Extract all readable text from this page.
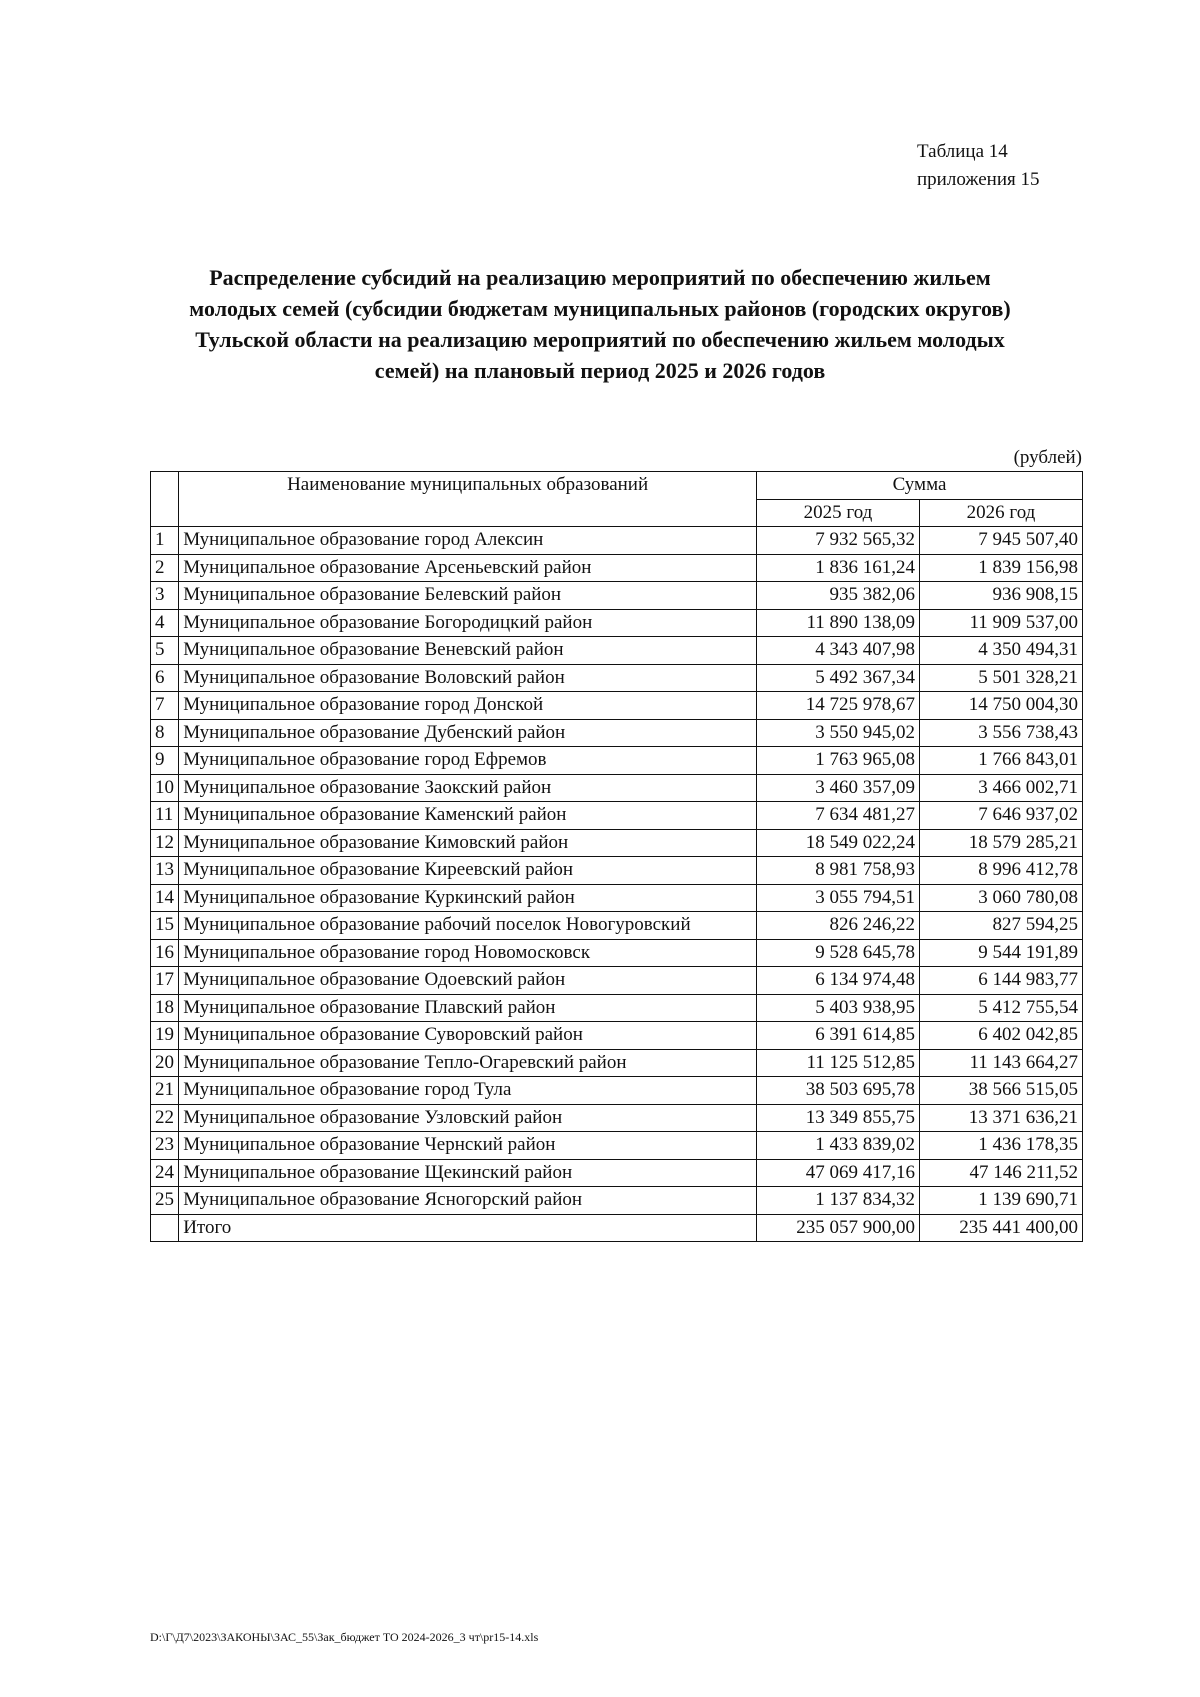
Таблица 14
приложения 15
Распределение субсидий на реализацию мероприятий по обеспечению жильем
молодых семей (субсидии бюджетам муниципальных районов (городских округов)
Тульской области на реализацию мероприятий по обеспечению жильем молодых
семей) на плановый период 2025 и 2026 годов
(рублей)
	Наименование муниципальных образований	Сумма	
		2025 год	2026 год
1	Муниципальное образование город Алексин	7 932 565,32	7 945 507,40
2	Муниципальное образование Арсеньевский район	1 836 161,24	1 839 156,98
3	Муниципальное образование Белевский район	935 382,06	936 908,15
4	Муниципальное образование Богородицкий район	11 890 138,09	11 909 537,00
5	Муниципальное образование Веневский район	4 343 407,98	4 350 494,31
6	Муниципальное образование Воловский район	5 492 367,34	5 501 328,21
7	Муниципальное образование город Донской	14 725 978,67	14 750 004,30
8	Муниципальное образование Дубенский район	3 550 945,02	3 556 738,43
9	Муниципальное образование город Ефремов	1 763 965,08	1 766 843,01
10	Муниципальное образование Заокский район	3 460 357,09	3 466 002,71
11	Муниципальное образование Каменский район	7 634 481,27	7 646 937,02
12	Муниципальное образование Кимовский район	18 549 022,24	18 579 285,21
13	Муниципальное образование Киреевский район	8 981 758,93	8 996 412,78
14	Муниципальное образование Куркинский район	3 055 794,51	3 060 780,08
15	Муниципальное образование рабочий поселок Новогуровский	826 246,22	827 594,25
16	Муниципальное образование город Новомосковск	9 528 645,78	9 544 191,89
17	Муниципальное образование Одоевский район	6 134 974,48	6 144 983,77
18	Муниципальное образование Плавский район	5 403 938,95	5 412 755,54
19	Муниципальное образование Суворовский район	6 391 614,85	6 402 042,85
20	Муниципальное образование Тепло-Огаревский район	11 125 512,85	11 143 664,27
21	Муниципальное образование город Тула	38 503 695,78	38 566 515,05
22	Муниципальное образование Узловский район	13 349 855,75	13 371 636,21
23	Муниципальное образование Чернский район	1 433 839,02	1 436 178,35
24	Муниципальное образование Щекинский район	47 069 417,16	47 146 211,52
25	Муниципальное образование Ясногорский район	1 137 834,32	1 139 690,71
	Итого	235 057 900,00	235 441 400,00
D:\Г\Д7\2023\ЗАКОНЫ\ЗАС_55\Зак_бюджет ТО 2024-2026_3 чт\pr15-14.xls
